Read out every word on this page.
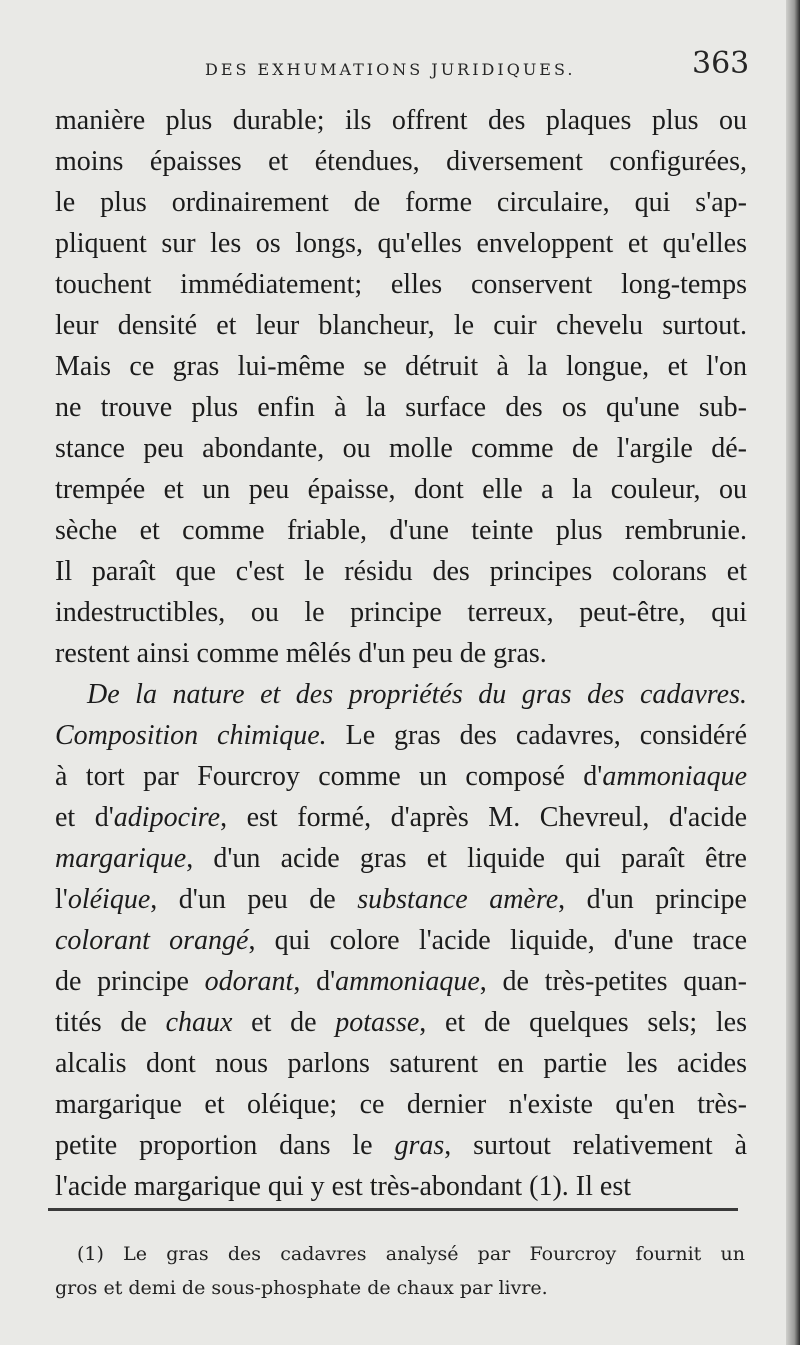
DES EXHUMATIONS JURIDIQUES.	363
manière plus durable; ils offrent des plaques plus ou
moins épaisses et étendues, diversement configurées,
le plus ordinairement de forme circulaire, qui s'ap-
pliquent sur les os longs, qu'elles enveloppent et qu'elles
touchent immédiatement; elles conservent long-temps
leur densité et leur blancheur, le cuir chevelu surtout.
Mais ce gras lui-même se détruit à la longue, et l'on
ne trouve plus enfin à la surface des os qu'une sub-
stance peu abondante, ou molle comme de l'argile dé-
trempée et un peu épaisse, dont elle a la couleur, ou
sèche et comme friable, d'une teinte plus rembrunie.
Il paraît que c'est le résidu des principes colorans et
indestructibles, ou le principe terreux, peut-être, qui
restent ainsi comme mêlés d'un peu de gras.
De la nature et des propriétés du gras des cadavres.
Composition chimique. Le gras des cadavres, considéré
à tort par Fourcroy comme un composé d'ammoniaque
et d'adipocire, est formé, d'après M. Chevreul, d'acide
margarique, d'un acide gras et liquide qui paraît être
l'oléique, d'un peu de substance amère, d'un principe
colorant orangé, qui colore l'acide liquide, d'une trace
de principe odorant, d'ammoniaque, de très-petites quan-
tités de chaux et de potasse, et de quelques sels; les
alcalis dont nous parlons saturent en partie les acides
margarique et oléique; ce dernier n'existe qu'en très-
petite proportion dans le gras, surtout relativement à
l'acide margarique qui y est très-abondant (1). Il est
(1) Le gras des cadavres analysé par Fourcroy fournit un
gros et demi de sous-phosphate de chaux par livre.
